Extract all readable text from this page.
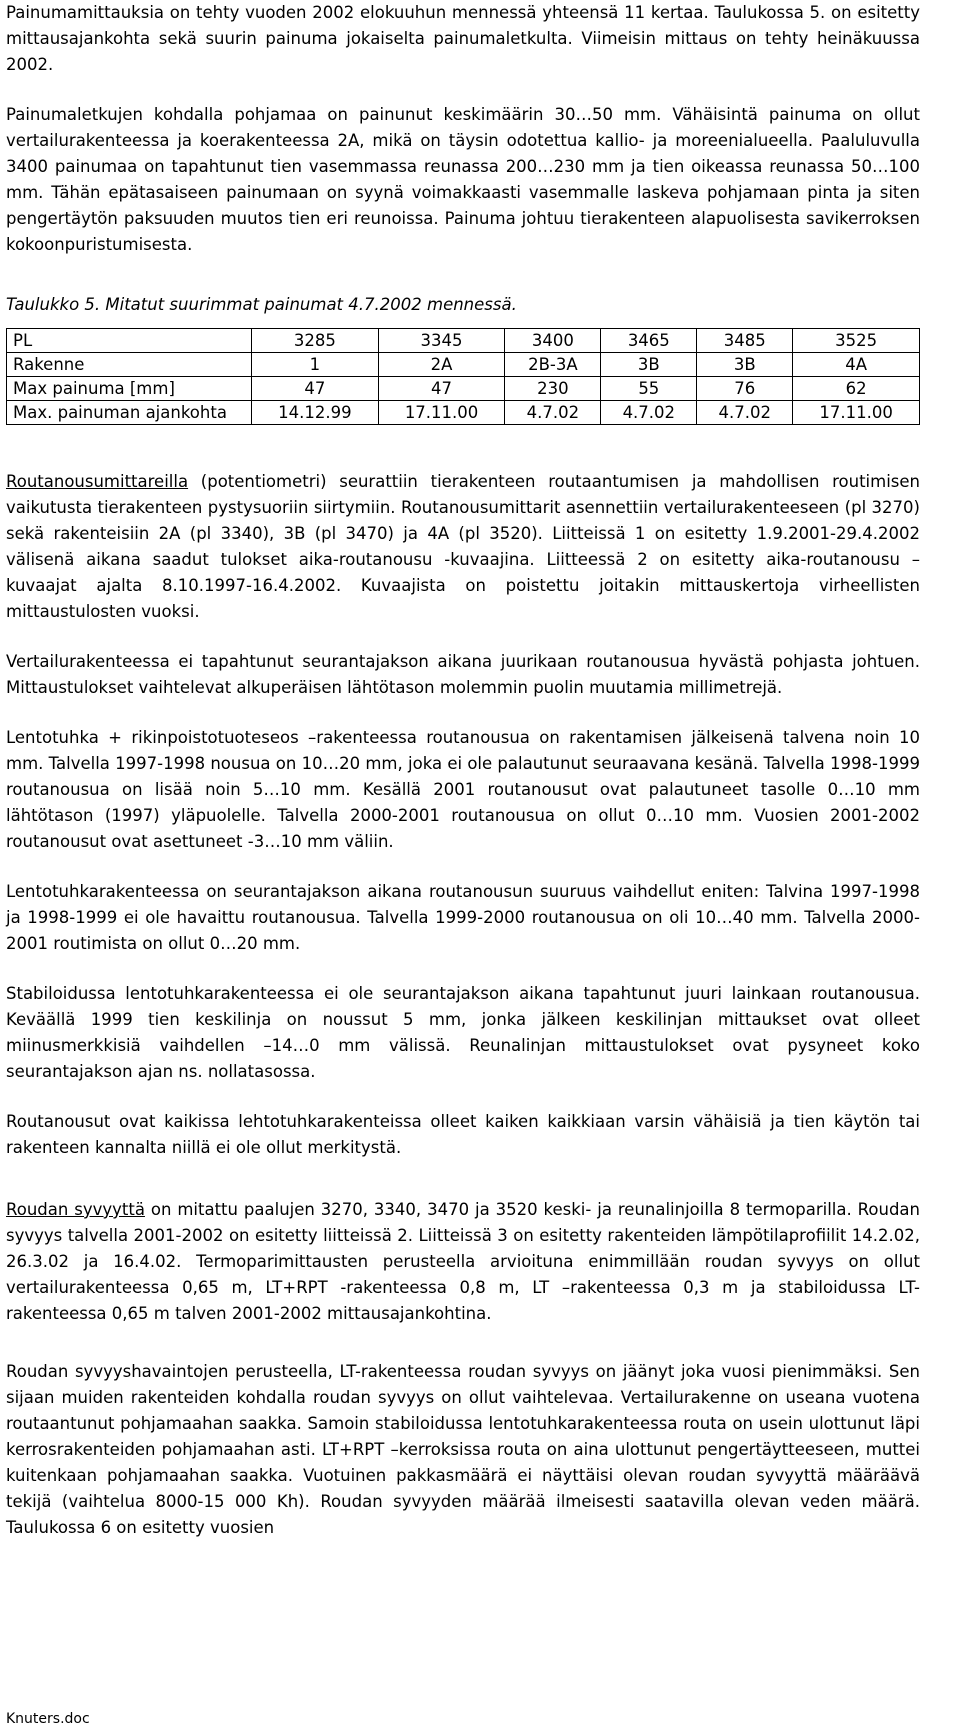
Painumamittauksia on tehty vuoden 2002 elokuuhun mennessä yhteensä 11 kertaa. Taulukossa 5. on esitetty mittausajankohta sekä suurin painuma jokaiselta painumaletkulta. Viimeisin mittaus on tehty heinäkuussa 2002.

Painumaletkujen kohdalla pohjamaa on painunut keskimäärin 30…50 mm. Vähäisintä painuma on ollut vertailurakenteessa ja koerakenteessa 2A, mikä on täysin odotettua kallio- ja moreenialueella. Paaluluvulla 3400 painumaa on tapahtunut tien vasemmassa reunassa 200…230 mm ja tien oikeassa reunassa 50…100 mm. Tähän epätasaiseen painumaan on syynä voimakkaasti vasemmalle laskeva pohjamaan pinta ja siten pengertäytön paksuuden muutos tien eri reunoissa. Painuma johtuu tierakenteen alapuolisesta savikerroksen kokoonpuristumisesta.

Taulukko 5. Mitatut suurimmat painumat 4.7.2002 mennessä.
PL	3285	3345	3400	3465	3485	3525
Rakenne	1	2A	2B-3A	3B	3B	4A
Max painuma [mm]	47	47	230	55	76	62
Max. painuman ajankohta	14.12.99	17.11.00	4.7.02	4.7.02	4.7.02	17.11.00

Routanousumittareilla (potentiometri) seurattiin tierakenteen routaantumisen ja mahdollisen routimisen vaikutusta tierakenteen pystysuoriin siirtymiin. Routanousumittarit asennettiin vertailurakenteeseen (pl 3270) sekä rakenteisiin 2A (pl 3340), 3B (pl 3470) ja 4A (pl 3520). Liitteissä 1 on esitetty 1.9.2001-29.4.2002 välisenä aikana saadut tulokset aika-routanousu -kuvaajina. Liitteessä 2 on esitetty aika-routanousu – kuvaajat ajalta 8.10.1997-16.4.2002. Kuvaajista on poistettu joitakin mittauskertoja virheellisten mittaustulosten vuoksi.

Vertailurakenteessa ei tapahtunut seurantajakson aikana juurikaan routanousua hyvästä pohjasta johtuen. Mittaustulokset vaihtelevat alkuperäisen lähtötason molemmin puolin muutamia millimetrejä.

Lentotuhka + rikinpoistotuoteseos –rakenteessa routanousua on rakentamisen jälkeisenä talvena noin 10 mm. Talvella 1997-1998 nousua on 10…20 mm, joka ei ole palautunut seuraavana kesänä. Talvella 1998-1999 routanousua on lisää noin 5…10 mm. Kesällä 2001 routanousut ovat palautuneet tasolle 0…10 mm lähtötason (1997) yläpuolelle. Talvella 2000-2001 routanousua on ollut 0…10 mm. Vuosien 2001-2002 routanousut ovat asettuneet -3…10 mm väliin.

Lentotuhkarakenteessa on seurantajakson aikana routanousun suuruus vaihdellut eniten: Talvina 1997-1998 ja 1998-1999 ei ole havaittu routanousua. Talvella 1999-2000 routanousua on oli 10…40 mm. Talvella 2000-2001 routimista on ollut 0…20 mm.

Stabiloidussa lentotuhkarakenteessa ei ole seurantajakson aikana tapahtunut juuri lainkaan routanousua. Keväällä 1999 tien keskilinja on noussut 5 mm, jonka jälkeen keskilinjan mittaukset ovat olleet miinusmerkkisiä vaihdellen –14…0 mm välissä. Reunalinjan mittaustulokset ovat pysyneet koko seurantajakson ajan ns. nollatasossa.

Routanousut ovat kaikissa lehtotuhkarakenteissa olleet kaiken kaikkiaan varsin vähäisiä ja tien käytön tai rakenteen kannalta niillä ei ole ollut merkitystä.

Roudan syvyyttä on mitattu paalujen 3270, 3340, 3470 ja 3520 keski- ja reunalinjoilla 8 termoparilla. Roudan syvyys talvella 2001-2002 on esitetty liitteissä 2. Liitteissä 3 on esitetty rakenteiden lämpötilaprofiilit 14.2.02, 26.3.02 ja 16.4.02. Termoparimittausten perusteella arvioituna enimmillään roudan syvyys on ollut vertailurakenteessa 0,65 m, LT+RPT -rakenteessa 0,8 m, LT –rakenteessa 0,3 m ja stabiloidussa LT-rakenteessa 0,65 m talven 2001-2002 mittausajankohtina.

Roudan syvyyshavaintojen perusteella, LT-rakenteessa roudan syvyys on jäänyt joka vuosi pienimmäksi. Sen sijaan muiden rakenteiden kohdalla roudan syvyys on ollut vaihtelevaa. Vertailurakenne on useana vuotena routaantunut pohjamaahan saakka. Samoin stabiloidussa lentotuhkarakenteessa routa on usein ulottunut läpi kerrosrakenteiden pohjamaahan asti. LT+RPT –kerroksissa routa on aina ulottunut pengertäytteeseen, muttei kuitenkaan pohjamaahan saakka. Vuotuinen pakkasmäärä ei näyttäisi olevan roudan syvyyttä määräävä tekijä (vaihtelua 8000-15 000 Kh). Roudan syvyyden määrää ilmeisesti saatavilla olevan veden määrä. Taulukossa 6 on esitetty vuosien

Knuters.doc
